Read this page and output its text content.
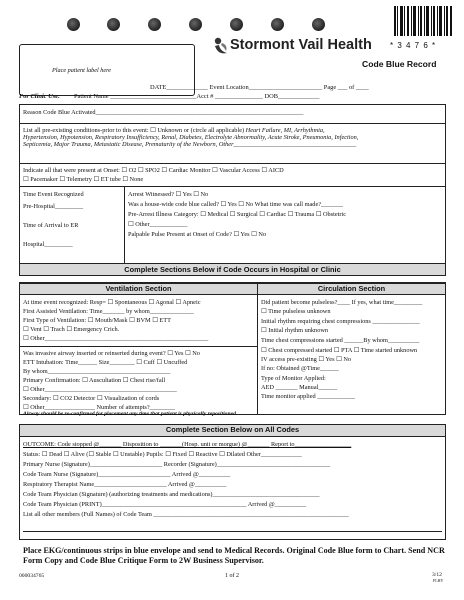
* 3 4 7 6 *
Stormont Vail Health
Code Blue Record
Place patient label here
DATE_____________ Event Location_______________________ Page ___ of ____
For Clinic Use: Patient Name ___________________________Acct # _______________ DOB_____________
Reason Code Blue Activated__________________________________________________________________
List all pre-existing conditions-prior to this event: ☐ Unknown or (circle all applicable) Heart Failure, MI, Arrhythmia,
Hypertension, Hypotension, Respiratory Insufficiency, Renal, Diabetes, Electrolyte Abnormality, Acute Stroke, Pneumonia, Infection,
Septicemia, Major Trauma, Metastatic Disease, Prematurity of the Newborn, Other_______________________________________
Indicate all that were present at Onset: ☐ O2 ☐ SPO2 ☐ Cardiac Monitor ☐ Vascular Access ☐ AICD
☐ Pacemaker ☐ Telemetry ☐ ET tube ☐ None
Time Event Recognized
Pre-Hospital_________
Time of Arrival to ER
Hospital_________
Arrest Witnessed? ☐ Yes ☐ No
Was a house-wide code blue called? ☐ Yes ☐ No What time was call made?_______
Pre-Arrest Illness Category: ☐ Medical ☐ Surgical ☐ Cardiac ☐ Trauma ☐ Obstetric
☐ Other____________
Palpable Pulse Present at Onset of Code? ☐ Yes ☐ No
Complete Sections Below if Code Occurs in Hospital or Clinic
Ventilation Section	Circulation Section
At time event recognized: Resp= ☐ Spontaneous ☐ Agonal ☐ Apneic
First Assisted Ventilation: Time_______ by whom______________
First Type of Ventilation: ☐ Mouth/Mask ☐ BVM ☐ ETT
☐ Vent ☐ Trach ☐ Emergency Crich.
☐ Other____________________________________________________
Was invasive airway inserted or reinserted during event? ☐ Yes ☐ No
ETT Intubation: Time______ Size________ ☐ Cuff ☐ Uncuffed
By whom_______________________________________
Primary Confirmation: ☐ Auscultation ☐ Chest rise/fall
☐ Other__________________________________________
Secondary: ☐ CO2 Detector ☐ Visualization of cords
☐ Other________________ Number of attempts?________
Airway should be re-confirmed for placement any time that patient is physically repositioned.
Did patient become pulseless?____ If yes, what time_________
☐ Time pulseless unknown
Initial rhythm requiring chest compressions _______________
☐ Initial rhythm unknown
Time chest compressions started ______By whom__________
☐ Chest compressed started ☐ PTA ☐ Time started unknown
IV access pre-existing ☐ Yes ☐ No
If no: Obtained @Time______
Type of Monitor Applied:
AED _______ Manual______
Time monitor applied ____________
Complete Section Below on All Codes
OUTCOME: Code stopped @_______ Disposition to _______(Hosp. unit or morgue) @_______ Report to__________________
Status: ☐ Dead ☐ Alive (☐ Stable ☐ Unstable) Pupils: ☐ Fixed ☐ Reactive ☐ Dilated Other_____________
Primary Nurse (Signature)_______________________ Recorder (Signature)____________________________________
Code Team Nurse (Signature)_______________________ Arrived @__________
Respiratory Therapist Name_______________________ Arrived @__________
Code Team Physician (Signature) (authorizing treatments and medications)__________________________________
Code Team Physician (PRINT)______________________________________________ Arrived @__________
List all other members (Full Names) of Code Team ______________________________________________________________
Place EKG/continuous strips in blue envelope and send to Medical Records. Original Code Blue form to Chart. Send NCR Form Copy and Code Blue Critique Form to 2W Business Supervisor.
000034765	1 of 2	3/12
FLHY
